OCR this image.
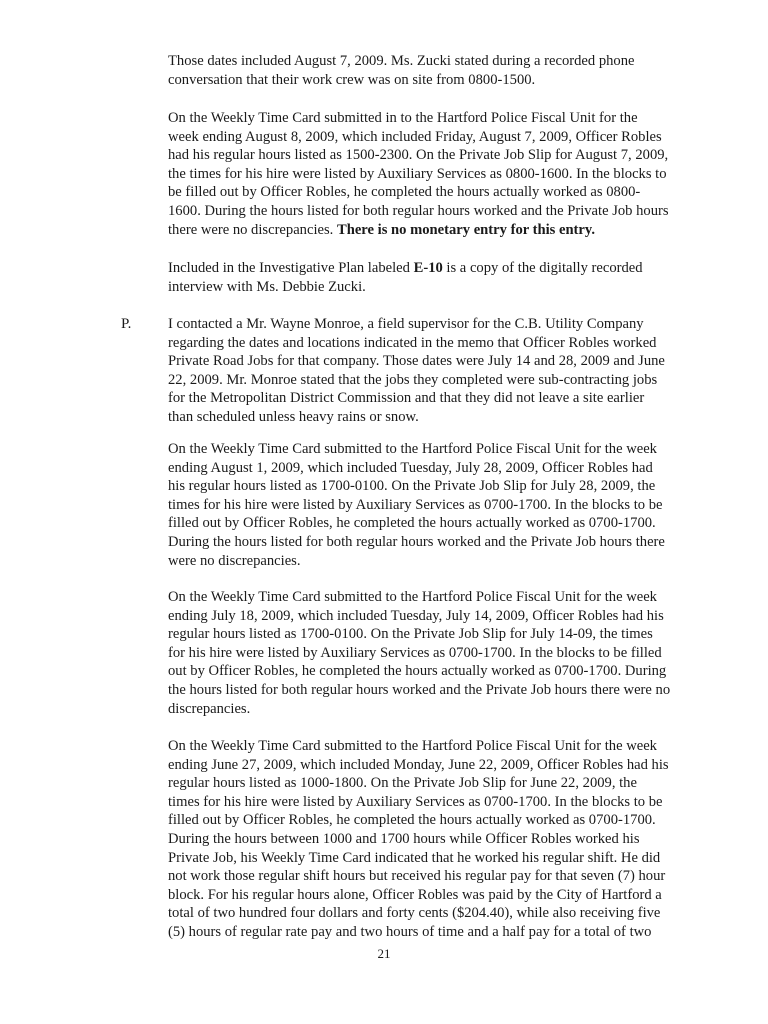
Those dates included August 7, 2009. Ms. Zucki stated during a recorded phone
conversation that their work crew was on site from 0800-1500.
On the Weekly Time Card submitted in to the Hartford Police Fiscal Unit for the
week ending August 8, 2009, which included Friday, August 7, 2009, Officer Robles
had his regular hours listed as 1500-2300. On the Private Job Slip for August 7, 2009,
the times for his hire were listed by Auxiliary Services as 0800-1600. In the blocks to
be filled out by Officer Robles, he completed the hours actually worked as 0800-
1600. During the hours listed for both regular hours worked and the Private Job hours
there were no discrepancies. There is no monetary entry for this entry.
Included in the Investigative Plan labeled E-10 is a copy of the digitally recorded
interview with Ms. Debbie Zucki.
P.	I contacted a Mr. Wayne Monroe, a field supervisor for the C.B. Utility Company
regarding the dates and locations indicated in the memo that Officer Robles worked
Private Road Jobs for that company. Those dates were July 14 and 28, 2009 and June
22, 2009. Mr. Monroe stated that the jobs they completed were sub-contracting jobs
for the Metropolitan District Commission and that they did not leave a site earlier
than scheduled unless heavy rains or snow.
On the Weekly Time Card submitted to the Hartford Police Fiscal Unit for the week
ending August 1, 2009, which included Tuesday, July 28, 2009, Officer Robles had
his regular hours listed as 1700-0100. On the Private Job Slip for July 28, 2009, the
times for his hire were listed by Auxiliary Services as 0700-1700. In the blocks to be
filled out by Officer Robles, he completed the hours actually worked as 0700-1700.
During the hours listed for both regular hours worked and the Private Job hours there
were no discrepancies.
On the Weekly Time Card submitted to the Hartford Police Fiscal Unit for the week
ending July 18, 2009, which included Tuesday, July 14, 2009, Officer Robles had his
regular hours listed as 1700-0100. On the Private Job Slip for July 14-09, the times
for his hire were listed by Auxiliary Services as 0700-1700. In the blocks to be filled
out by Officer Robles, he completed the hours actually worked as 0700-1700. During
the hours listed for both regular hours worked and the Private Job hours there were no
discrepancies.
On the Weekly Time Card submitted to the Hartford Police Fiscal Unit for the week
ending June 27, 2009, which included Monday, June 22, 2009, Officer Robles had his
regular hours listed as 1000-1800. On the Private Job Slip for June 22, 2009, the
times for his hire were listed by Auxiliary Services as 0700-1700. In the blocks to be
filled out by Officer Robles, he completed the hours actually worked as 0700-1700.
During the hours between 1000 and 1700 hours while Officer Robles worked his
Private Job, his Weekly Time Card indicated that he worked his regular shift. He did
not work those regular shift hours but received his regular pay for that seven (7) hour
block. For his regular hours alone, Officer Robles was paid by the City of Hartford a
total of two hundred four dollars and forty cents ($204.40), while also receiving five
(5) hours of regular rate pay and two hours of time and a half pay for a total of two
21
